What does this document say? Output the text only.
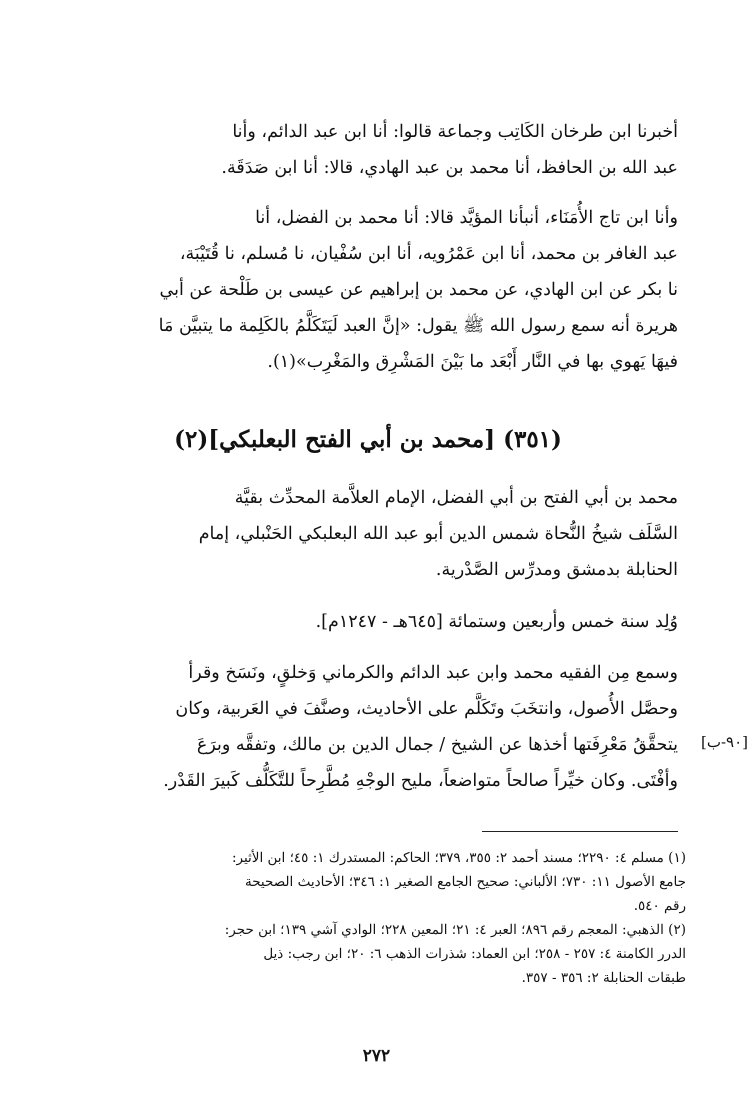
أخبرنا ابن طرخان الكَاتِب وجماعة قالوا: أنا ابن عبد الدائم، وأنا

عبد الله بن الحافظ، أنا محمد بن عبد الهادي، قالا: أنا ابن صَدَقَة.

وأنا ابن تاج الأُمَنَاء، أنبأنا المؤيَّد قالا: أنا محمد بن الفضل، أنا

عبد الغافر بن محمد، أنا ابن عَمْرُويه، أنا ابن سُفْيان، نا مُسلم، نا قُتَيْبَة،

نا بكر عن ابن الهادي، عن محمد بن إبراهيم عن عيسى بن طَلْحة عن أبي

هريرة أنه سمع رسول الله ﷺ يقول: «إنَّ العبد لَيَتَكَلَّمُ بالكَلِمة ما يتبيَّن مَا

فيهَا يَهوي بها في النَّار أَبْعَد ما بَيْنَ المَشْرِق والمَغْرِب»(١).

(٣٥١) [محمد بن أبي الفتح البعلبكي](٢)

محمد بن أبي الفتح بن أبي الفضل، الإمام العلاَّمة المحدِّث بقيَّة

السَّلَف شيخُ النُّحاة شمس الدين أبو عبد الله البعلبكي الحَنْبلي، إمام

الحنابلة بدمشق ومدرِّس الصَّدْرية.

وُلِد سنة خمس وأربعين وستمائة [٦٤٥هـ - ١٢٤٧م].

وسمع مِن الفقيه محمد وابن عبد الدائم والكرماني وَخلقٍ، ونَسَخ وقرأ

وحصَّل الأُصول، وانتخَبَ وتَكَلَّم على الأحاديث، وصنَّفَ في العَربية، وكان

يتحقَّقُ مَعْرِفَتها أخذها عن الشيخ / جمال الدين بن مالك، وتفقَّه وبرَعَ

وأفْتَى. وكان خيِّراً صالحاً متواضعاً، مليح الوجْهِ مُطَّرِحاً للتَّكَلُّف كَبيرَ القَدْر.

[٩٠-ب]

(١) مسلم ٤: ٢٢٩٠؛ مسند أحمد ٢: ٣٥٥، ٣٧٩؛ الحاكم: المستدرك ١: ٤٥؛ ابن الأثير:

جامع الأصول ١١: ٧٣٠؛ الألباني: صحيح الجامع الصغير ١: ٣٤٦؛ الأحاديث الصحيحة

رقم ٥٤٠.

(٢) الذهبي: المعجم رقم ٨٩٦؛ العبر ٤: ٢١؛ المعين ٢٢٨؛ الوادي آشي ١٣٩؛ ابن حجر:

الدرر الكامنة ٤: ٢٥٧ - ٢٥٨؛ ابن العماد: شذرات الذهب ٦: ٢٠؛ ابن رجب: ذيل

طبقات الحنابلة ٢: ٣٥٦ - ٣٥٧.

٢٧٢
